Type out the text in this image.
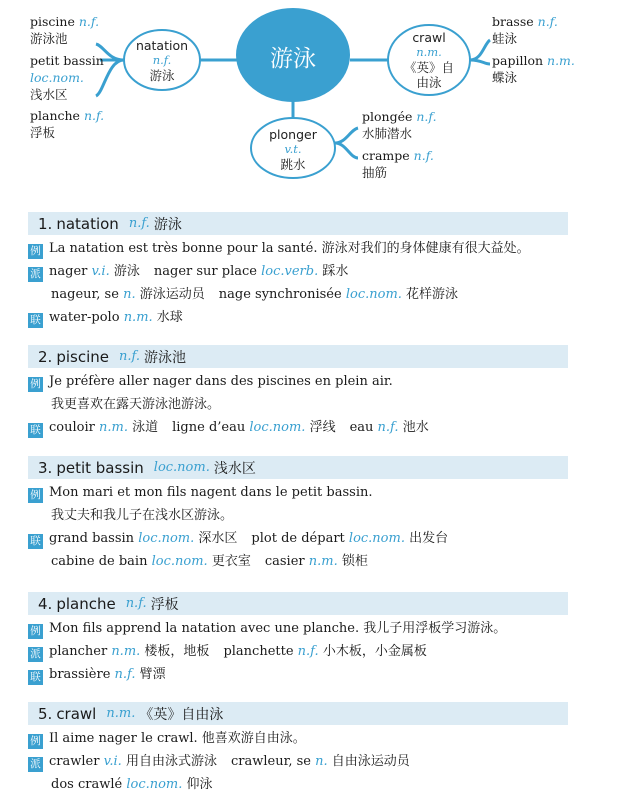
游泳
natation
n.f.
游泳
crawl
n.m.
《英》自
由泳
plonger
v.t.
跳水
piscine n.f.
游泳池
petit bassin
loc.nom.
浅水区
planche n.f.
浮板
brasse n.f.
蛙泳
papillon n.m.
蝶泳
plongée n.f.
水肺潜水
crampe n.f.
抽筋
1. natation n.f. 游泳
例 La natation est très bonne pour la santé. 游泳对我们的身体健康有很大益处。
派 nager v.i. 游泳 nager sur place loc.verb. 踩水
nageur, se n. 游泳运动员 nage synchronisée loc.nom. 花样游泳
联 water-polo n.m. 水球
2. piscine n.f. 游泳池
例 Je préfère aller nager dans des piscines en plein air.
我更喜欢在露天游泳池游泳。
联 couloir n.m. 泳道 ligne d’eau loc.nom. 浮线 eau n.f. 池水
3. petit bassin loc.nom. 浅水区
例 Mon mari et mon fils nagent dans le petit bassin.
我丈夫和我儿子在浅水区游泳。
联 grand bassin loc.nom. 深水区 plot de départ loc.nom. 出发台
cabine de bain loc.nom. 更衣室 casier n.m. 锁柜
4. planche n.f. 浮板
例 Mon fils apprend la natation avec une planche. 我儿子用浮板学习游泳。
派 plancher n.m. 楼板，地板 planchette n.f. 小木板，小金属板
联 brassière n.f. 臂漂
5. crawl n.m. 《英》自由泳
例 Il aime nager le crawl. 他喜欢游自由泳。
派 crawler v.i. 用自由泳式游泳 crawleur, se n. 自由泳运动员
dos crawlé loc.nom. 仰泳
